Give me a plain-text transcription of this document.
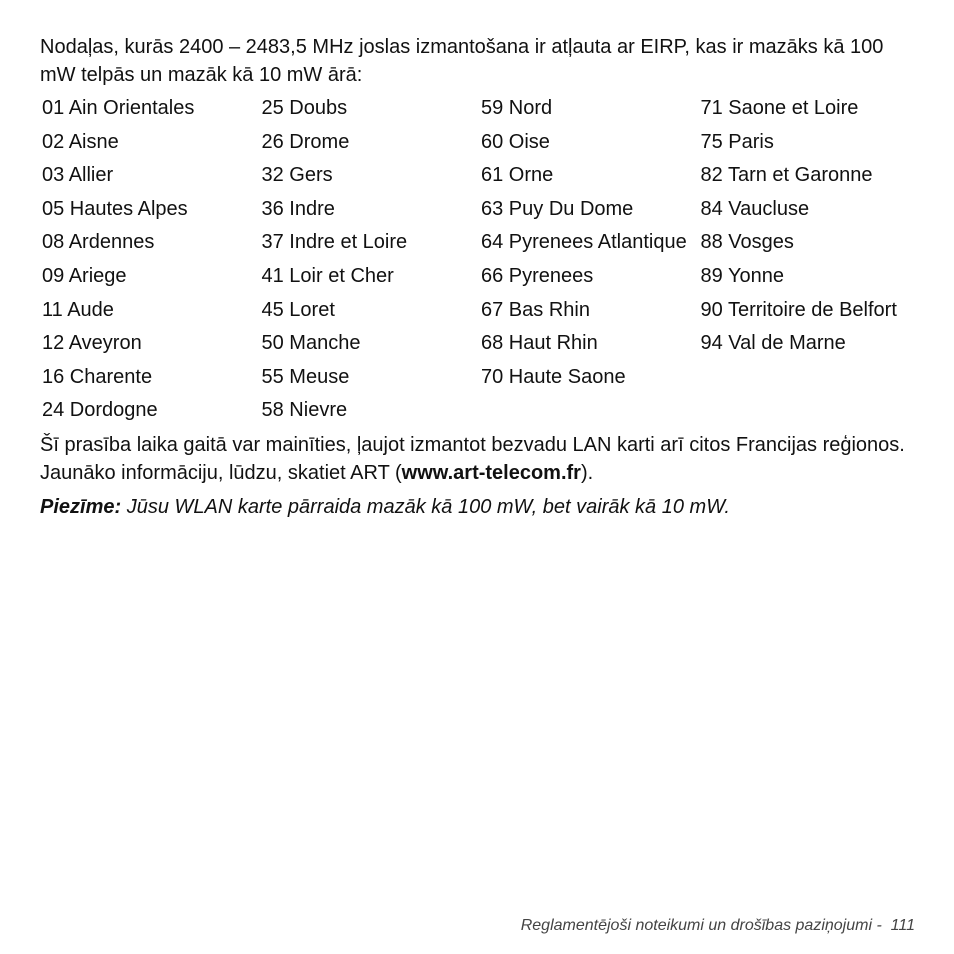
Nodaļas, kurās 2400 – 2483,5 MHz joslas izmantošana ir atļauta ar EIRP, kas ir mazāks kā 100 mW telpās un mazāk kā 10 mW ārā:

01 Ain Orientales
02 Aisne
03 Allier
05 Hautes Alpes
08 Ardennes
09 Ariege
11 Aude
12 Aveyron
16 Charente
24 Dordogne
25 Doubs
26 Drome
32 Gers
36 Indre
37 Indre et Loire
41 Loir et Cher
45 Loret
50 Manche
55 Meuse
58 Nievre
59 Nord
60 Oise
61 Orne
63 Puy Du Dome
64 Pyrenees Atlantique
66 Pyrenees
67 Bas Rhin
68 Haut Rhin
70 Haute Saone
71 Saone et Loire
75 Paris
82 Tarn et Garonne
84 Vaucluse
88 Vosges
89 Yonne
90 Territoire de Belfort
94 Val de Marne

Šī prasība laika gaitā var mainīties, ļaujot izmantot bezvadu LAN karti arī citos Francijas reģionos.

Jaunāko informāciju, lūdzu, skatiet ART (www.art-telecom.fr).

Piezīme: Jūsu WLAN karte pārraida mazāk kā 100 mW, bet vairāk kā 10 mW.

Reglamentējoši noteikumi un drošības paziņojumi -  111
